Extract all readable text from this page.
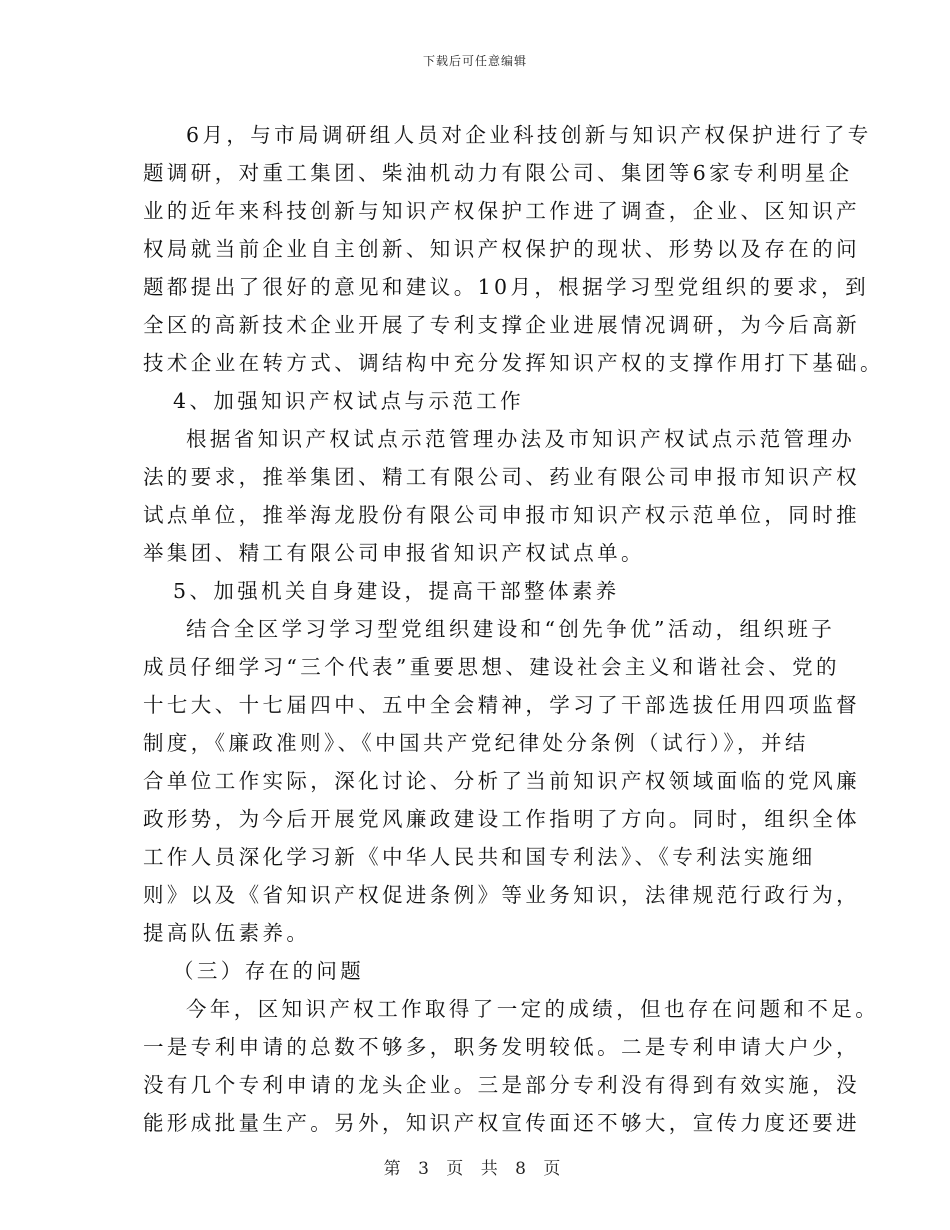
下载后可任意编辑
6月，与市局调研组人员对企业科技创新与知识产权保护进行了专
题调研，对重工集团、柴油机动力有限公司、集团等6家专利明星企
业的近年来科技创新与知识产权保护工作进了调查，企业、区知识产
权局就当前企业自主创新、知识产权保护的现状、形势以及存在的问
题都提出了很好的意见和建议。10月，根据学习型党组织的要求，到
全区的高新技术企业开展了专利支撑企业进展情况调研，为今后高新
技术企业在转方式、调结构中充分发挥知识产权的支撑作用打下基础。
4、加强知识产权试点与示范工作
根据省知识产权试点示范管理办法及市知识产权试点示范管理办
法的要求，推举集团、精工有限公司、药业有限公司申报市知识产权
试点单位，推举海龙股份有限公司申报市知识产权示范单位，同时推
举集团、精工有限公司申报省知识产权试点单。
5、加强机关自身建设，提高干部整体素养
结合全区学习学习型党组织建设和“创先争优”活动，组织班子
成员仔细学习“三个代表”重要思想、建设社会主义和谐社会、党的
十七大、十七届四中、五中全会精神，学习了干部选拔任用四项监督
制度，《廉政准则》、《中国共产党纪律处分条例（试行）》，并结
合单位工作实际，深化讨论、分析了当前知识产权领域面临的党风廉
政形势，为今后开展党风廉政建设工作指明了方向。同时，组织全体
工作人员深化学习新《中华人民共和国专利法》、《专利法实施细
则》以及《省知识产权促进条例》等业务知识，法律规范行政行为，
提高队伍素养。
（三）存在的问题
今年，区知识产权工作取得了一定的成绩，但也存在问题和不足。
一是专利申请的总数不够多，职务发明较低。二是专利申请大户少，
没有几个专利申请的龙头企业。三是部分专利没有得到有效实施，没
能形成批量生产。另外，知识产权宣传面还不够大，宣传力度还要进
第 3 页 共 8 页
